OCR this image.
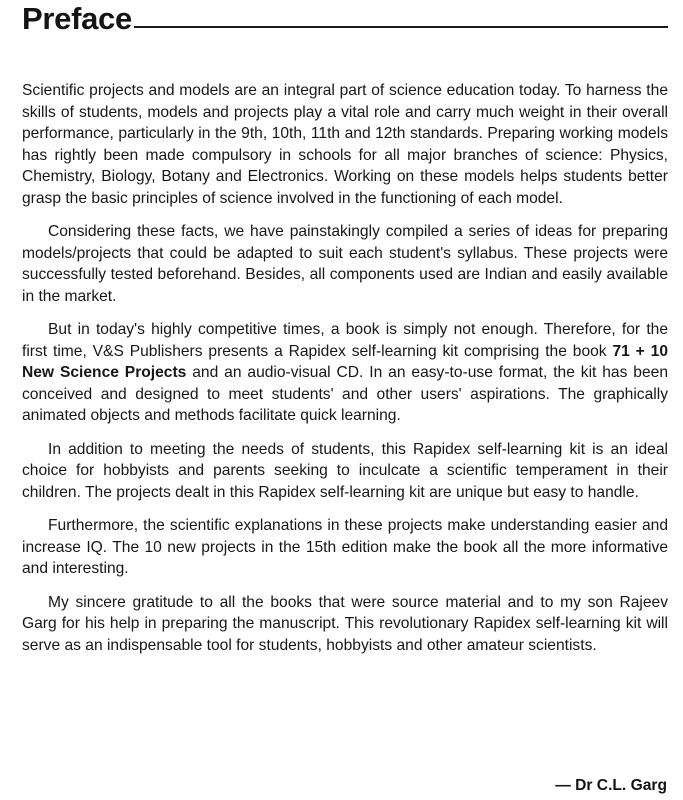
Preface

Scientific projects and models are an integral part of science education today. To harness the skills of students, models and projects play a vital role and carry much weight in their overall performance, particularly in the 9th, 10th, 11th and 12th standards. Preparing working models has rightly been made compulsory in schools for all major branches of science: Physics, Chemistry, Biology, Botany and Electronics. Working on these models helps students better grasp the basic principles of science involved in the functioning of each model.

Considering these facts, we have painstakingly compiled a series of ideas for preparing models/projects that could be adapted to suit each student's syllabus. These projects were successfully tested beforehand. Besides, all components used are Indian and easily available in the market.

But in today's highly competitive times, a book is simply not enough. Therefore, for the first time, V&S Publishers presents a Rapidex self-learning kit comprising the book 71 + 10 New Science Projects and an audio-visual CD. In an easy-to-use format, the kit has been conceived and designed to meet students' and other users' aspirations. The graphically animated objects and methods facilitate quick learning.

In addition to meeting the needs of students, this Rapidex self-learning kit is an ideal choice for hobbyists and parents seeking to inculcate a scientific temperament in their children. The projects dealt in this Rapidex self-learning kit are unique but easy to handle.

Furthermore, the scientific explanations in these projects make understanding easier and increase IQ. The 10 new projects in the 15th edition make the book all the more informative and interesting.

My sincere gratitude to all the books that were source material and to my son Rajeev Garg for his help in preparing the manuscript. This revolutionary Rapidex self-learning kit will serve as an indispensable tool for students, hobbyists and other amateur scientists.

— Dr C.L. Garg
